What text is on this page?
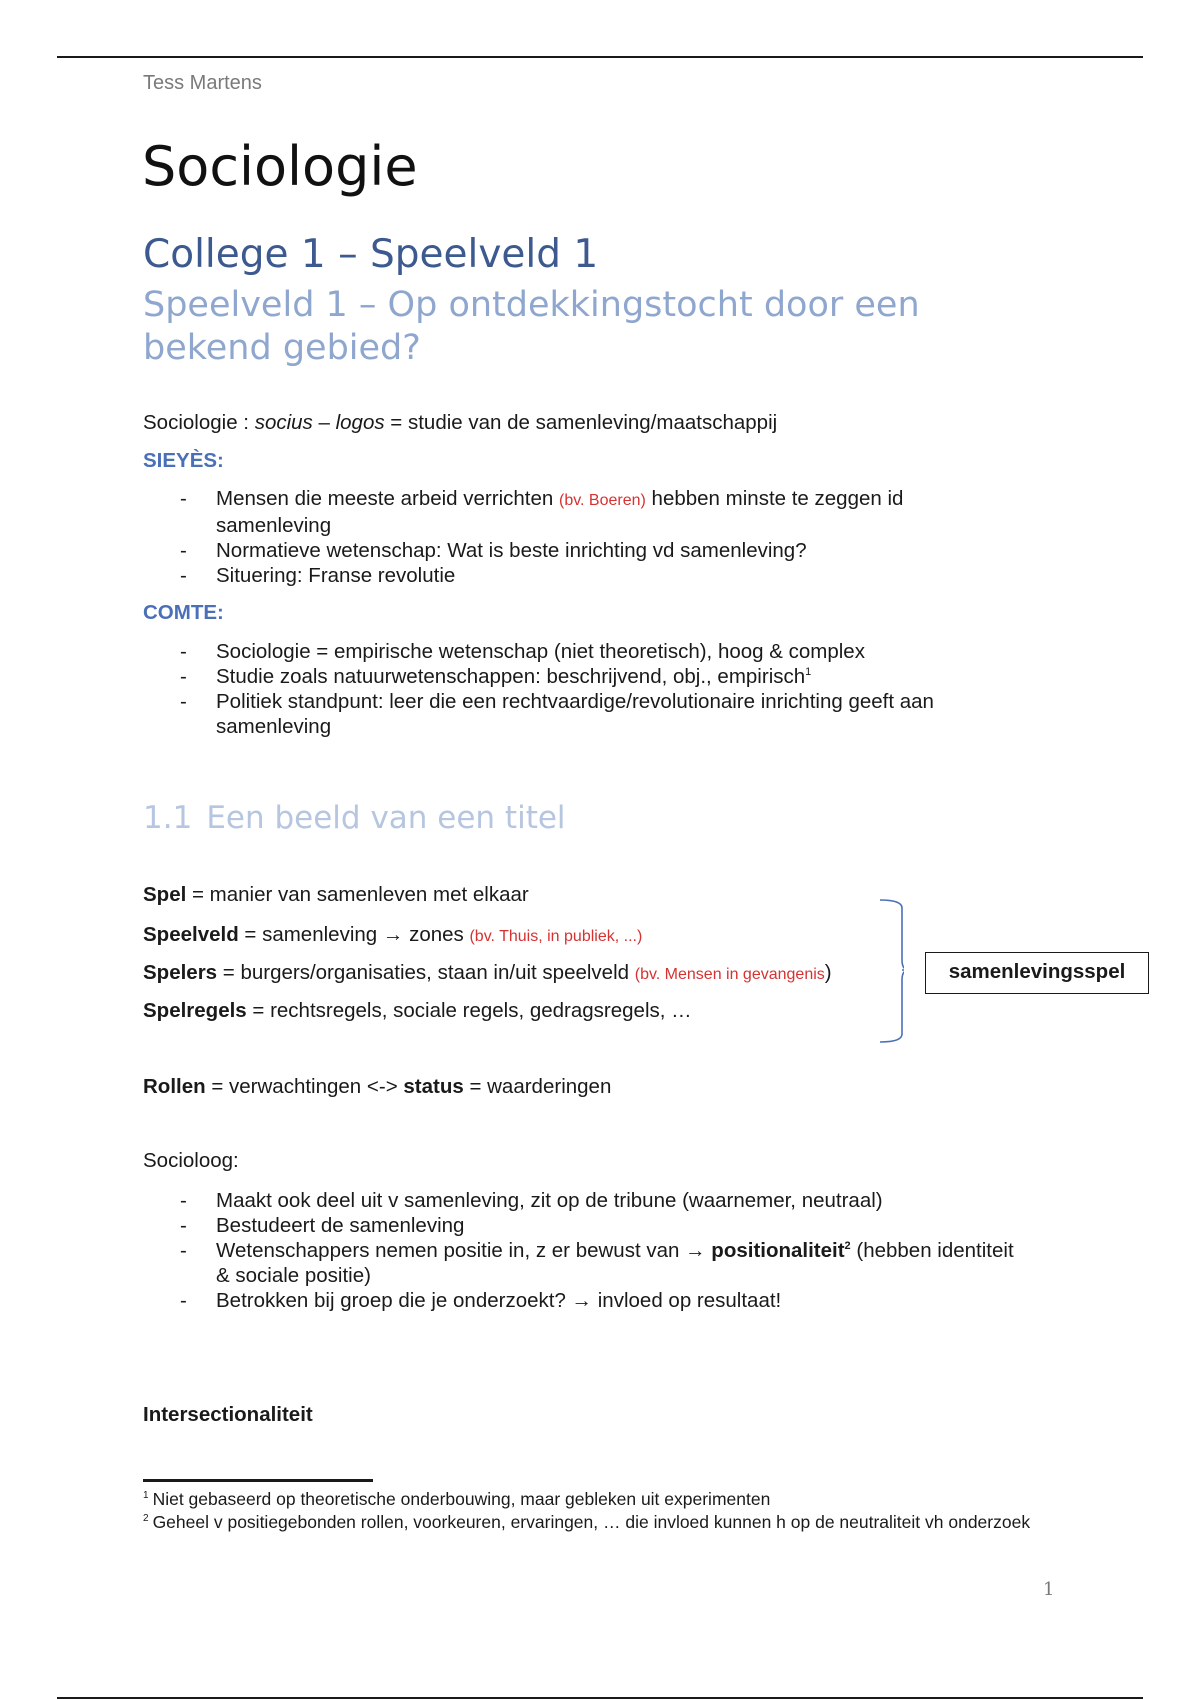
Tess Martens
Sociologie
College 1 – Speelveld 1
Speelveld 1 – Op ontdekkingstocht door een bekend gebied?
Sociologie : socius – logos = studie van de samenleving/maatschappij
SIEYÈS:
- Mensen die meeste arbeid verrichten (bv. Boeren) hebben minste te zeggen id samenleving
- Normatieve wetenschap: Wat is beste inrichting vd samenleving?
- Situering: Franse revolutie
COMTE:
- Sociologie = empirische wetenschap (niet theoretisch), hoog & complex
- Studie zoals natuurwetenschappen: beschrijvend, obj., empirisch$^1$
- Politiek standpunt: leer die een rechtvaardige/revolutionaire inrichting geeft aan samenleving
1.1 Een beeld van een titel
Spel = manier van samenleven met elkaar
Speelveld = samenleving → zones (bv. Thuis, in publiek, ...)
Spelers = burgers/organisaties, staan in/uit speelveld (bv. Mensen in gevangenis)
Spelregels = rechtsregels, sociale regels, gedragsregels, …
samenlevingsspel
Rollen = verwachtingen <-> status = waarderingen
Socioloog:
- Maakt ook deel uit v samenleving, zit op de tribune (waarnemer, neutraal)
- Bestudeert de samenleving
- Wetenschappers nemen positie in, z er bewust van → positionaliteit$^2$ (hebben identiteit & sociale positie)
- Betrokken bij groep die je onderzoekt? → invloed op resultaat!
Intersectionaliteit
$^1$ Niet gebaseerd op theoretische onderbouwing, maar gebleken uit experimenten
$^2$ Geheel v positiegebonden rollen, voorkeuren, ervaringen, … die invloed kunnen h op de neutraliteit vh onderzoek
1
